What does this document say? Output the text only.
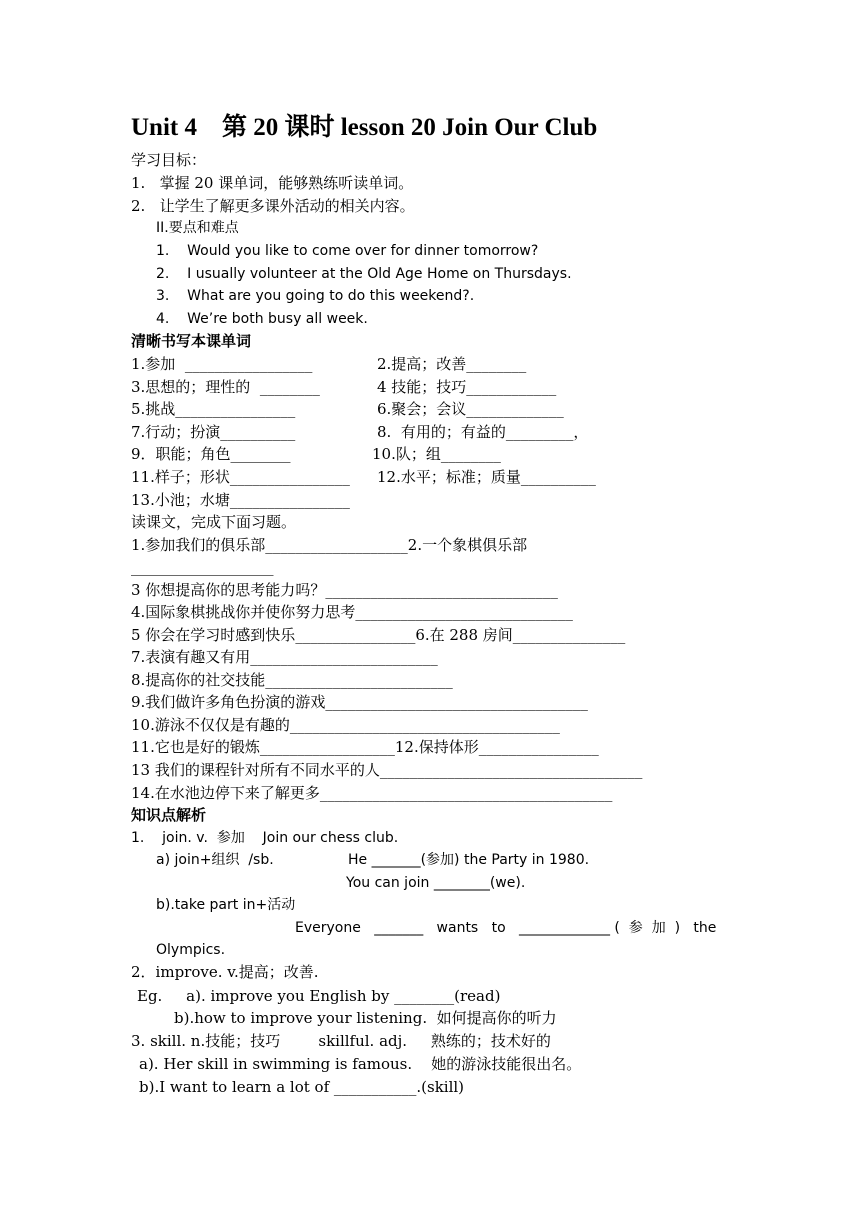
Unit 4    第 20 课时 lesson 20 Join Our Club
学习目标：
1.   掌握 20 课单词，能够熟练听读单词。
2.   让学生了解更多课外活动的相关内容。
II.要点和难点
1.    Would you like to come over for dinner tomorrow?
2.    I usually volunteer at the Old Age Home on Thursdays.
3.    What are you going to do this weekend?.
4.    We’re both busy all week.
清晰书写本课单词
1.参加  _________________	2.提高；改善________
3.思想的；理性的  ________	4 技能；技巧____________
5.挑战________________	6.聚会；会议_____________
7.行动；扮演__________	8.  有用的；有益的_________，
9．职能；角色________	10.队；组________
11.样子；形状________________ 12.水平；标准；质量__________
13.小池；水塘________________
读课文，完成下面习题。
1.参加我们的俱乐部___________________2.一个象棋俱乐部
___________________
3 你想提高你的思考能力吗？_______________________________
4.国际象棋挑战你并使你努力思考_____________________________
5 你会在学习时感到快乐________________6.在 288 房间_______________
7.表演有趣又有用_________________________
8.提高你的社交技能_________________________
9.我们做许多角色扮演的游戏___________________________________
10.游泳不仅仅是有趣的____________________________________
11.它也是好的锻炼__________________12.保持体形________________
13 我们的课程针对所有不同水平的人___________________________________
14.在水池边停下来了解更多_______________________________________
知识点解析
1.    join. v.  参加    Join our chess club.
a) join+组织  /sb.	He _______(参加) the Party in 1980.
You can join ________(we).
b).take part in+活动
Everyone   _______   wants   to   _____________ (  参  加  )   the
Olympics.
2．improve. v.提高；改善.
Eg.     a). improve you English by ________(read)
b).how to improve your listening.  如何提高你的听力
3. skill. n.技能；技巧        skillful. adj.     熟练的；技术好的
a). Her skill in swimming is famous.    她的游泳技能很出名。
b).I want to learn a lot of ___________.(skill)
